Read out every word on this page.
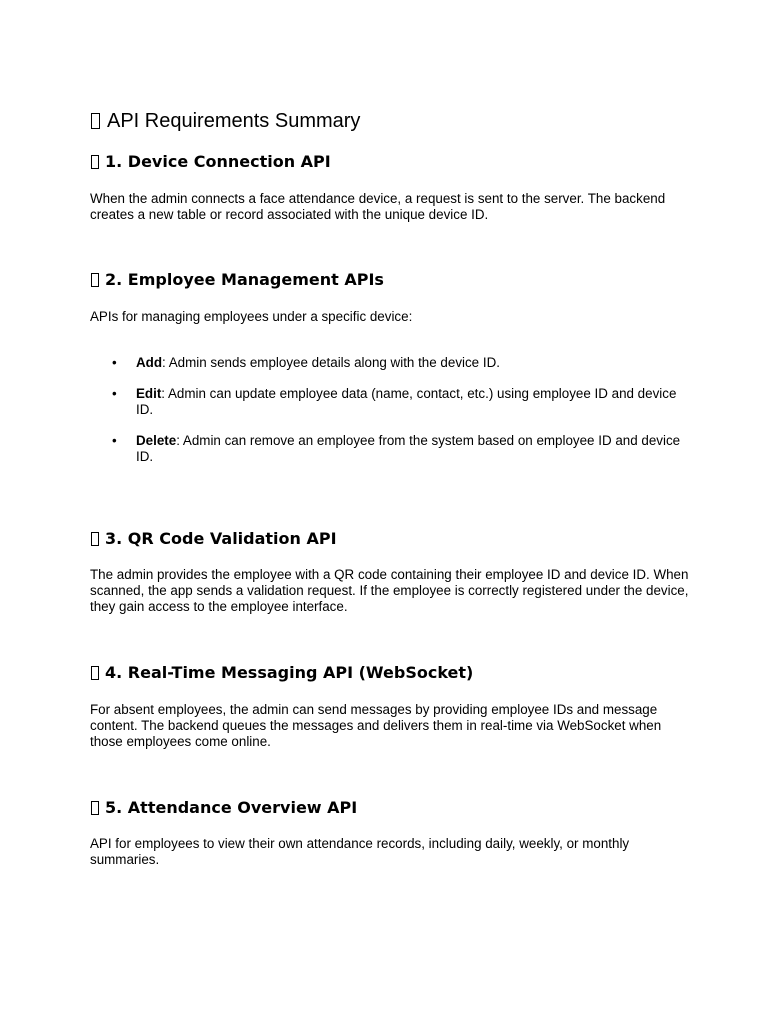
API Requirements Summary
1. Device Connection API

When the admin connects a face attendance device, a request is sent to the server. The backend creates a new table or record associated with the unique device ID.

2. Employee Management APIs

APIs for managing employees under a specific device:

• Add: Admin sends employee details along with the device ID.
• Edit: Admin can update employee data (name, contact, etc.) using employee ID and device ID.
• Delete: Admin can remove an employee from the system based on employee ID and device ID.
3. QR Code Validation API

The admin provides the employee with a QR code containing their employee ID and device ID. When scanned, the app sends a validation request. If the employee is correctly registered under the device, they gain access to the employee interface.

4. Real-Time Messaging API (WebSocket)

For absent employees, the admin can send messages by providing employee IDs and message content. The backend queues the messages and delivers them in real-time via WebSocket when those employees come online.

5. Attendance Overview API

API for employees to view their own attendance records, including daily, weekly, or monthly summaries.
